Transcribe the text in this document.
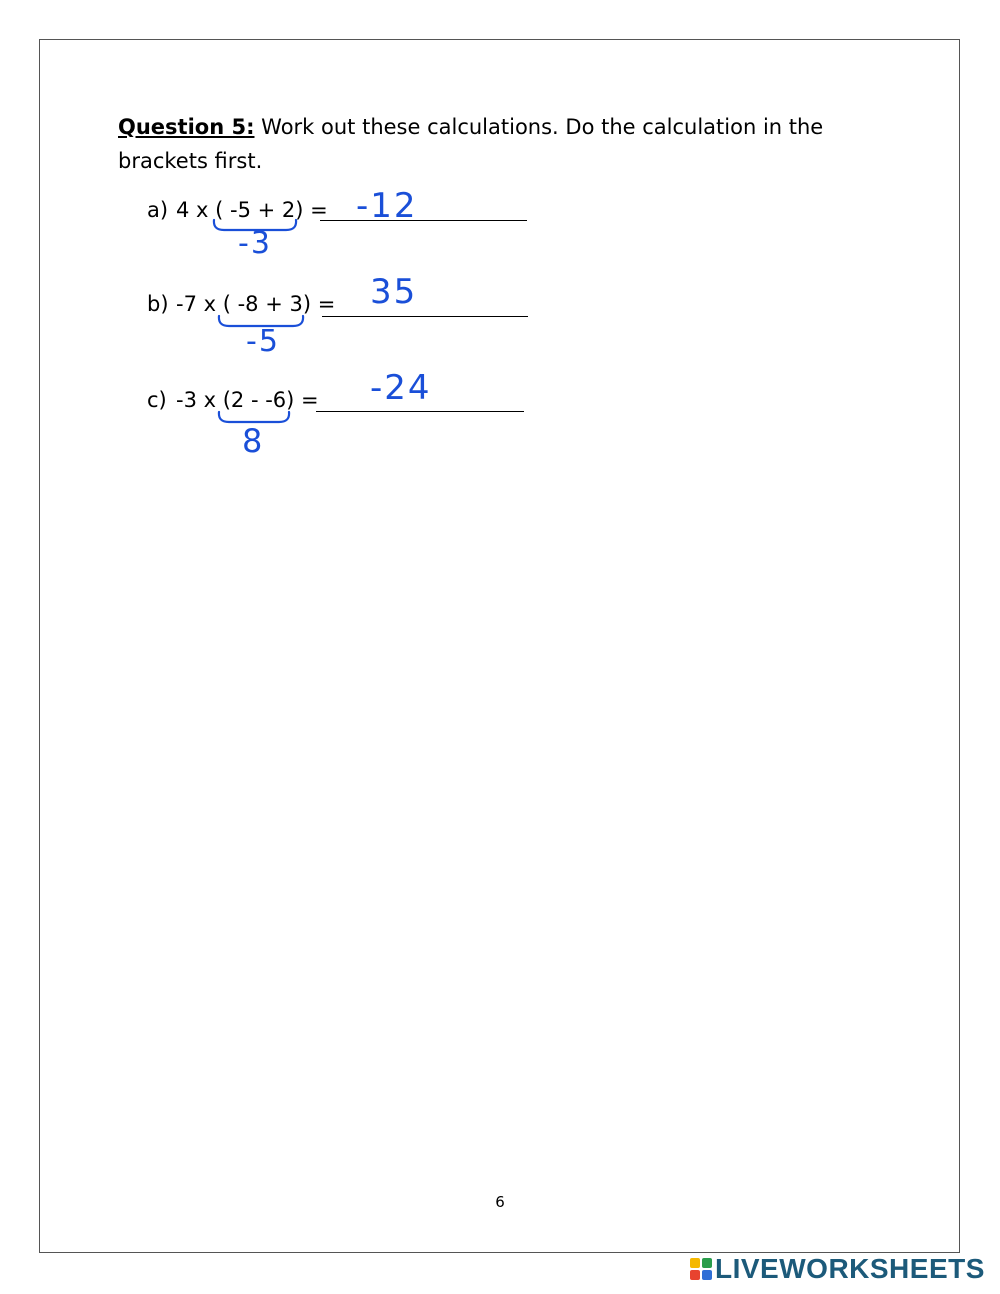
Question 5: Work out these calculations. Do the calculation in the brackets first.
a) 4 x ( -5 + 2) = -12
-3
b) -7 x ( -8 + 3) = 35
-5
c) -3 x (2 - -6) = -24
8
6
LIVEWORKSHEETS
